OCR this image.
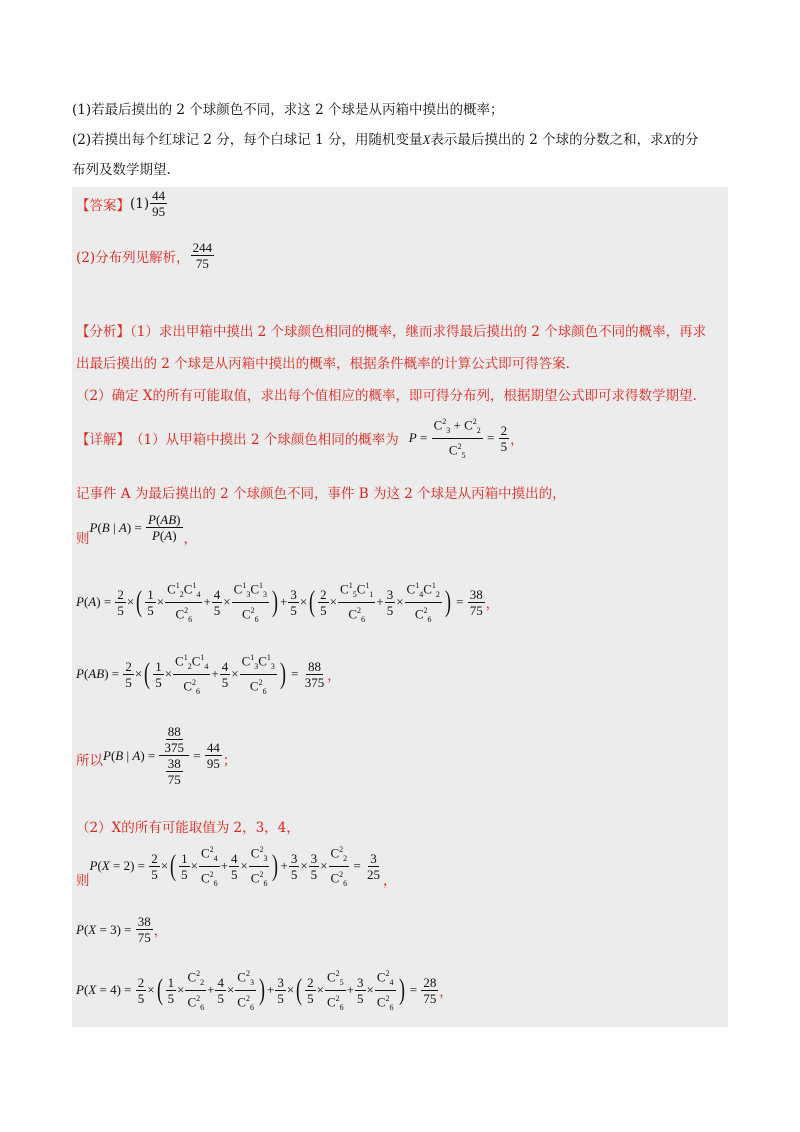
(1)若最后摸出的 2 个球颜色不同，求这 2 个球是从丙箱中摸出的概率；
(2)若摸出每个红球记 2 分，每个白球记 1 分，用随机变量X表示最后摸出的 2 个球的分数之和，求X的分
布列及数学期望.
【答案】 $(1) \frac{44}{95}$
(2)分布列见解析， $\frac{244}{75}$
【分析】（1）求出甲箱中摸出 2 个球颜色相同的概率，继而求得最后摸出的 2 个球颜色不同的概率，再求
出最后摸出的 2 个球是从丙箱中摸出的概率，根据条件概率的计算公式即可得答案.
（2）确定 X的所有可能取值，求出每个值相应的概率，即可得分布列，根据期望公式即可求得数学期望.
【详解】 （1）从甲箱中摸出 2 个球颜色相同的概率为 $P = \frac{C^2_3 + C^2_2}{C^2_5} = \frac{2}{5}$ ，
记事件 A 为最后摸出的 2 个球颜色不同，事件 B 为这 2 个球是从丙箱中摸出的，
则
P ( B | A ) = $\frac{P(AB)}{P(A)}$ ，
P ( A ) = $\frac{2}{5}$ × ( $\frac{1}{5} \times \frac{C^1_2C^1_4}{C^2_6} + \frac{4}{5} \times \frac{C^1_3C^1_3}{C^2_6}$ ) + $\frac{3}{5}$ × ( $\frac{2}{5} \times \frac{C^1_5C^1_1}{C^2_6} + \frac{3}{5} \times \frac{C^1_4C^1_2}{C^2_6}$ ) = $\frac{38}{75}$ ，
P ( AB ) = $\frac{2}{5}$ × ( $\frac{1}{5} \times \frac{C^1_2C^1_4}{C^2_6} + \frac{4}{5} \times \frac{C^1_3C^1_3}{C^2_6}$ ) = $\frac{88}{375}$ ，
所以 P ( B | A ) = $\frac{\frac{88}{375}}{\frac{38}{75}} = \frac{44}{95}$ ；
（2）X的所有可能取值为 2，3，4，
则
P ( $X = 2) = \frac{2}{5}$ × ( $\frac{1}{5} \times \frac{C^2_4}{C^2_6} + \frac{4}{5} \times \frac{C^2_3}{C^2_6}$ ) + $\frac{3}{5} \times \frac{3}{5} \times \frac{C^2_2}{C^2_6} = \frac{3}{25}$ ，
P ( $X = 3) = \frac{38}{75}$ ，
P ( $X = 4) = \frac{2}{5}$ × ( $\frac{1}{5} \times \frac{C^2_2}{C^2_6} + \frac{4}{5} \times \frac{C^2_3}{C^2_6}$ ) + $\frac{3}{5}$ × ( $\frac{2}{5} \times \frac{C^2_5}{C^2_6} + \frac{3}{5} \times \frac{C^2_4}{C^2_6}$ ) = $\frac{28}{75}$ ，
